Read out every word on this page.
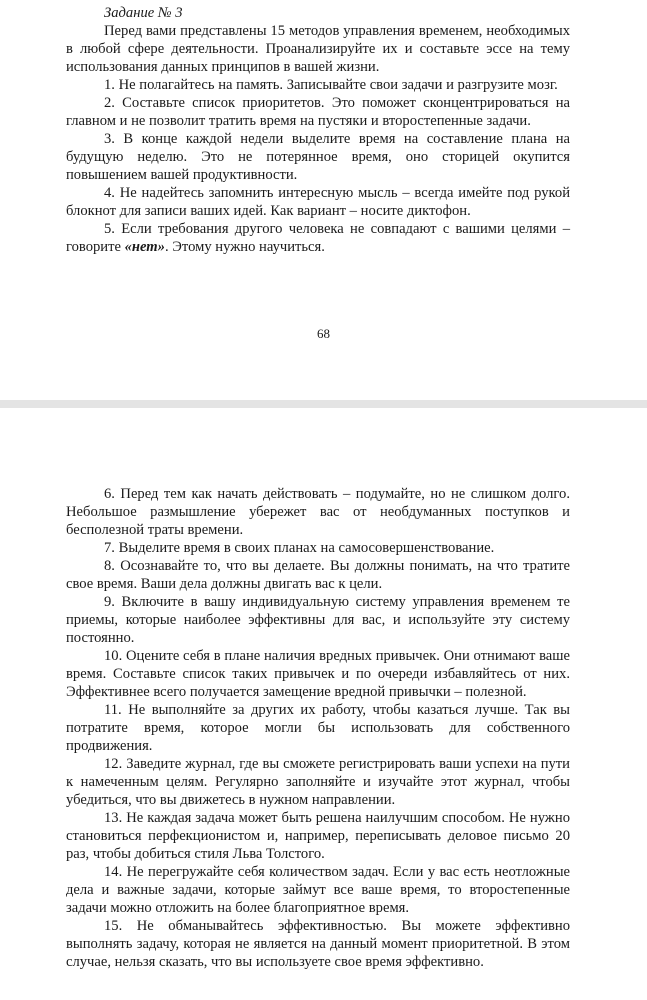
Задание № 3

Перед вами представлены 15 методов управления временем, необходимых в любой сфере деятельности. Проанализируйте их и составьте эссе на тему использования данных принципов в вашей жизни.

1. Не полагайтесь на память. Записывайте свои задачи и разгрузите мозг.

2. Составьте список приоритетов. Это поможет сконцентрироваться на главном и не позволит тратить время на пустяки и второстепенные задачи.

3. В конце каждой недели выделите время на составление плана на будущую неделю. Это не потерянное время, оно сторицей окупится повышением вашей продуктивности.

4. Не надейтесь запомнить интересную мысль – всегда имейте под рукой блокнот для записи ваших идей. Как вариант – носите диктофон.

5. Если требования другого человека не совпадают с вашими целями – говорите «нет». Этому нужно научиться.

68

6. Перед тем как начать действовать – подумайте, но не слишком долго. Небольшое размышление убережет вас от необдуманных поступков и бесполезной траты времени.

7. Выделите время в своих планах на самосовершенствование.

8. Осознавайте то, что вы делаете. Вы должны понимать, на что тратите свое время. Ваши дела должны двигать вас к цели.

9. Включите в вашу индивидуальную систему управления временем те приемы, которые наиболее эффективны для вас, и используйте эту систему постоянно.

10. Оцените себя в плане наличия вредных привычек. Они отнимают ваше время. Составьте список таких привычек и по очереди избавляйтесь от них. Эффективнее всего получается замещение вредной привычки – полезной.

11. Не выполняйте за других их работу, чтобы казаться лучше. Так вы потратите время, которое могли бы использовать для собственного продвижения.

12. Заведите журнал, где вы сможете регистрировать ваши успехи на пути к намеченным целям. Регулярно заполняйте и изучайте этот журнал, чтобы убедиться, что вы движетесь в нужном направлении.

13. Не каждая задача может быть решена наилучшим способом. Не нужно становиться перфекционистом и, например, переписывать деловое письмо 20 раз, чтобы добиться стиля Льва Толстого.

14. Не перегружайте себя количеством задач. Если у вас есть неотложные дела и важные задачи, которые займут все ваше время, то второстепенные задачи можно отложить на более благоприятное время.

15. Не обманывайтесь эффективностью. Вы можете эффективно выполнять задачу, которая не является на данный момент приоритетной. В этом случае, нельзя сказать, что вы используете свое время эффективно.
